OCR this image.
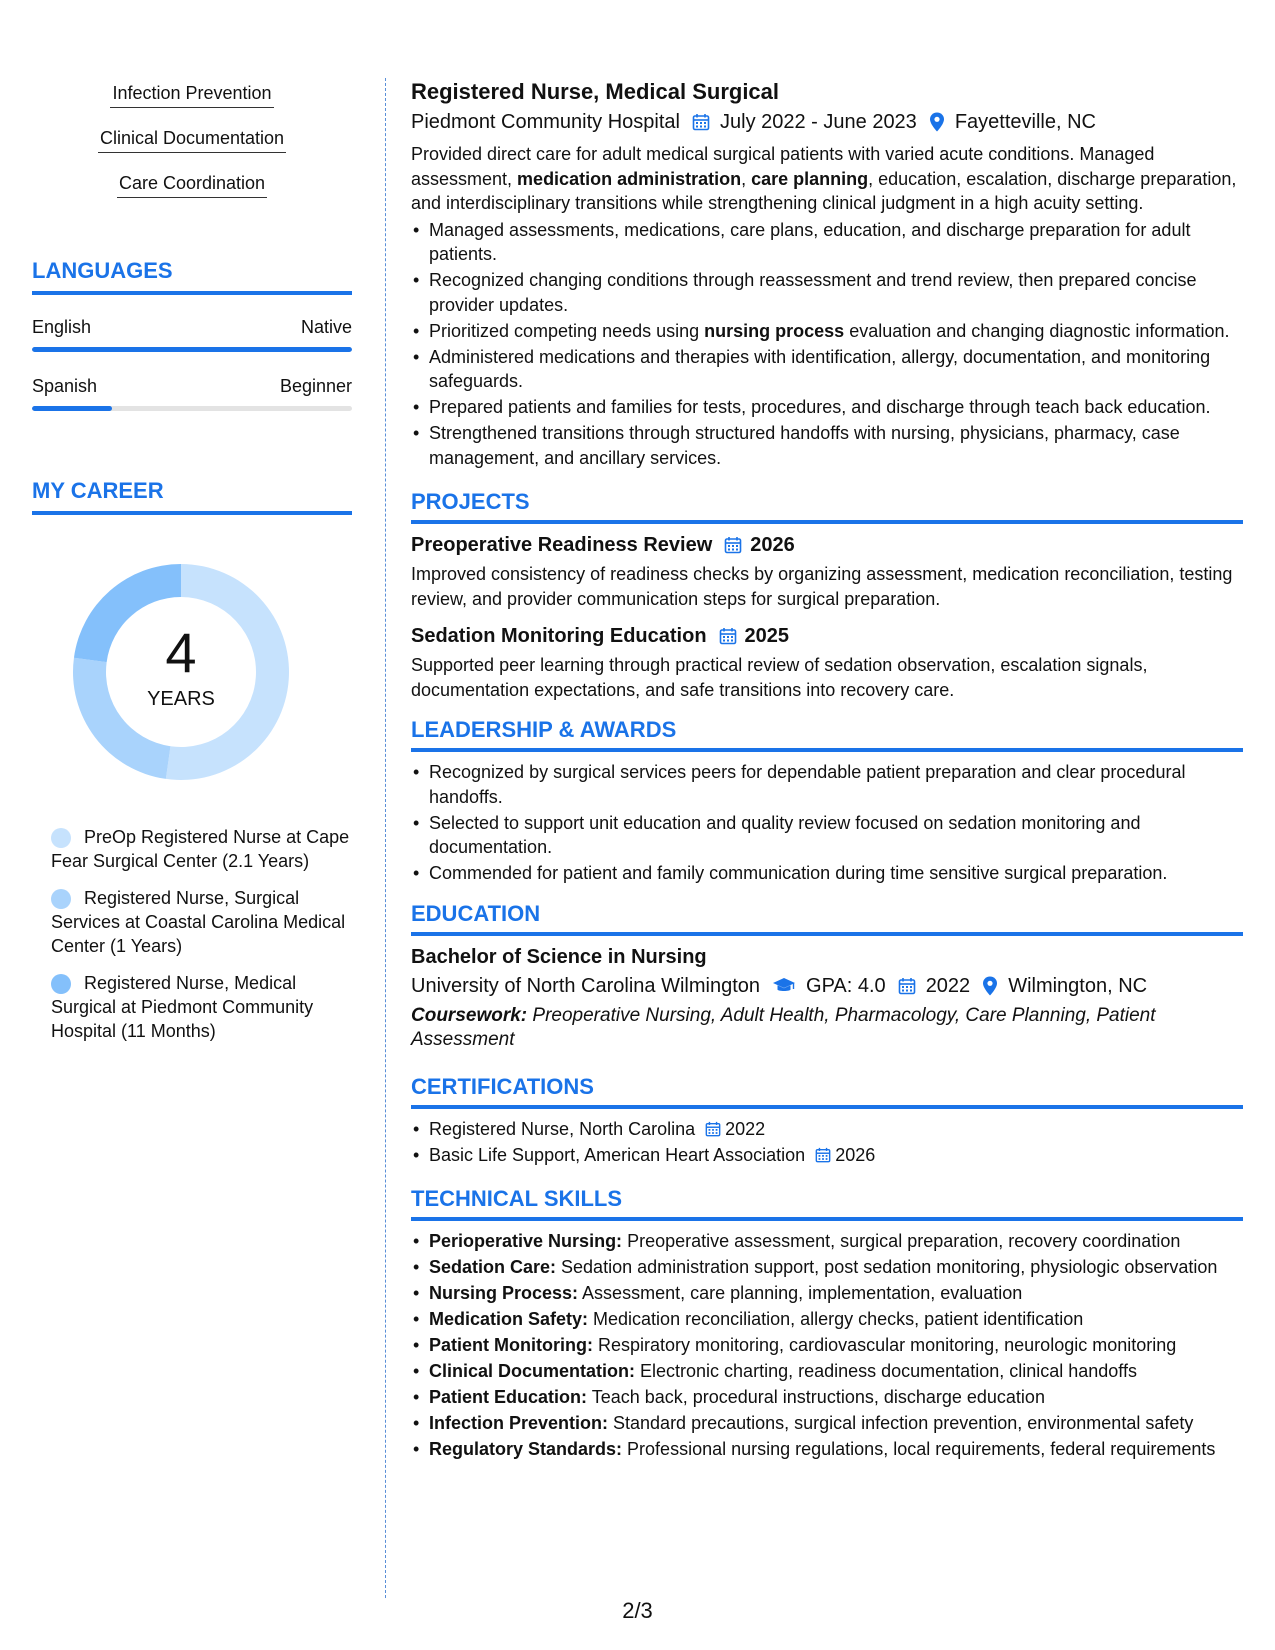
Infection Prevention
Clinical Documentation
Care Coordination
LANGUAGES
English	Native
Spanish	Beginner
MY CAREER
4
YEARS
PreOp Registered Nurse at Cape Fear Surgical Center (2.1 Years)
Registered Nurse, Surgical Services at Coastal Carolina Medical Center (1 Years)
Registered Nurse, Medical Surgical at Piedmont Community Hospital (11 Months)
Registered Nurse, Medical Surgical
Piedmont Community Hospital July 2022 - June 2023 Fayetteville, NC
Provided direct care for adult medical surgical patients with varied acute conditions. Managed assessment, medication administration, care planning, education, escalation, discharge preparation, and interdisciplinary transitions while strengthening clinical judgment in a high acuity setting.
• Managed assessments, medications, care plans, education, and discharge preparation for adult patients.
• Recognized changing conditions through reassessment and trend review, then prepared concise provider updates.
• Prioritized competing needs using nursing process evaluation and changing diagnostic information.
• Administered medications and therapies with identification, allergy, documentation, and monitoring safeguards.
• Prepared patients and families for tests, procedures, and discharge through teach back education.
• Strengthened transitions through structured handoffs with nursing, physicians, pharmacy, case management, and ancillary services.
PROJECTS
Preoperative Readiness Review 2026
Improved consistency of readiness checks by organizing assessment, medication reconciliation, testing review, and provider communication steps for surgical preparation.
Sedation Monitoring Education 2025
Supported peer learning through practical review of sedation observation, escalation signals, documentation expectations, and safe transitions into recovery care.
LEADERSHIP & AWARDS
• Recognized by surgical services peers for dependable patient preparation and clear procedural handoffs.
• Selected to support unit education and quality review focused on sedation monitoring and documentation.
• Commended for patient and family communication during time sensitive surgical preparation.
EDUCATION
Bachelor of Science in Nursing
University of North Carolina Wilmington GPA: 4.0 2022 Wilmington, NC
Coursework: Preoperative Nursing, Adult Health, Pharmacology, Care Planning, Patient Assessment
CERTIFICATIONS
• Registered Nurse, North Carolina 2022
• Basic Life Support, American Heart Association 2026
TECHNICAL SKILLS
• Perioperative Nursing: Preoperative assessment, surgical preparation, recovery coordination
• Sedation Care: Sedation administration support, post sedation monitoring, physiologic observation
• Nursing Process: Assessment, care planning, implementation, evaluation
• Medication Safety: Medication reconciliation, allergy checks, patient identification
• Patient Monitoring: Respiratory monitoring, cardiovascular monitoring, neurologic monitoring
• Clinical Documentation: Electronic charting, readiness documentation, clinical handoffs
• Patient Education: Teach back, procedural instructions, discharge education
• Infection Prevention: Standard precautions, surgical infection prevention, environmental safety
• Regulatory Standards: Professional nursing regulations, local requirements, federal requirements
2/3
